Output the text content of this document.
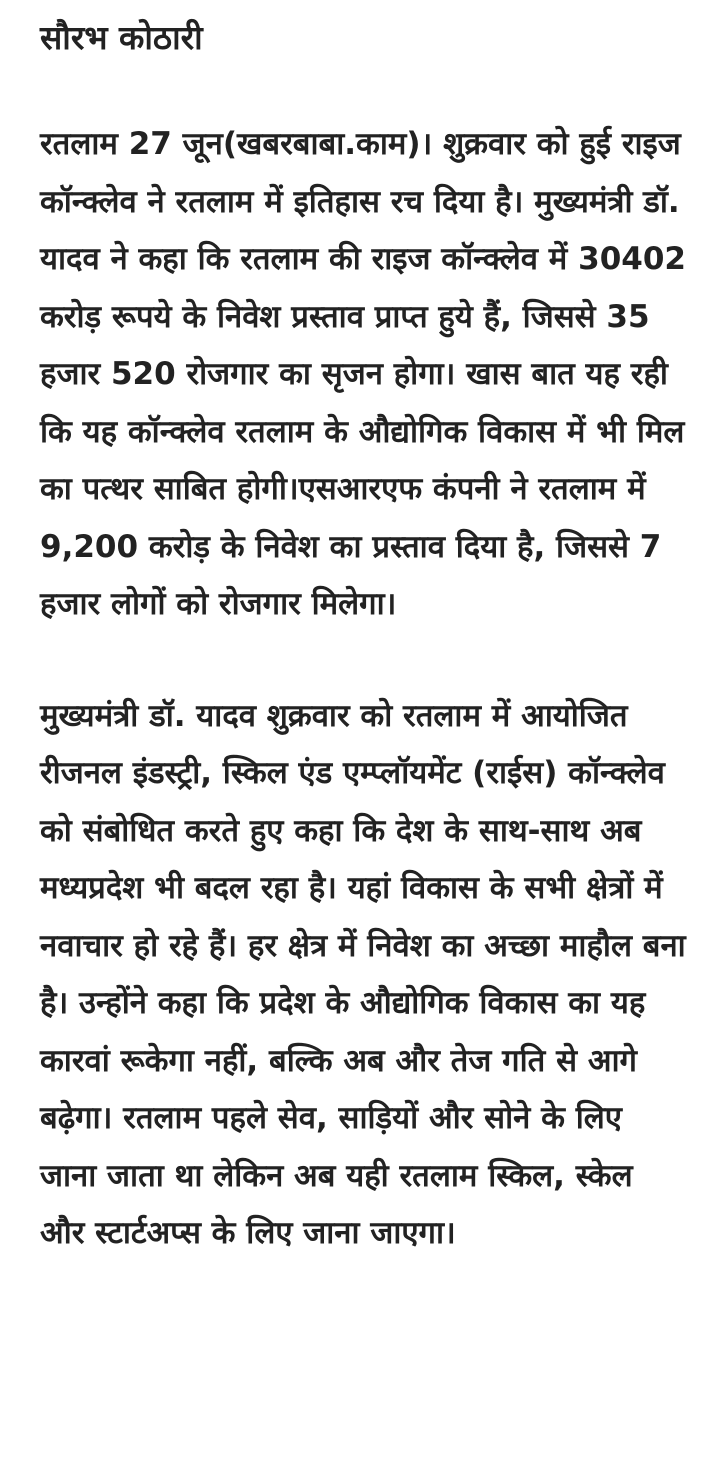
सौरभ कोठारी

रतलाम 27 जून(खबरबाबा.काम)। शुक्रवार को हुई राइज कॉन्क्लेव ने रतलाम में इतिहास रच दिया है। मुख्यमंत्री डॉ. यादव ने कहा कि रतलाम की राइज कॉन्क्लेव में 30402 करोड़ रूपये के निवेश प्रस्ताव प्राप्त हुये हैं, जिससे 35 हजार 520 रोजगार का सृजन होगा। खास बात यह रही कि यह कॉन्क्लेव रतलाम के औद्योगिक विकास में भी मिल का पत्थर साबित होगी।एसआरएफ कंपनी ने रतलाम में 9,200 करोड़ के निवेश का प्रस्ताव दिया है, जिससे 7 हजार लोगों को रोजगार मिलेगा।

मुख्यमंत्री डॉ. यादव शुक्रवार को रतलाम में आयोजित रीजनल इंडस्ट्री, स्किल एंड एम्प्लॉयमेंट (राईस) कॉन्क्लेव को संबोधित करते हुए कहा कि देश के साथ-साथ अब मध्यप्रदेश भी बदल रहा है। यहां विकास के सभी क्षेत्रों में नवाचार हो रहे हैं। हर क्षेत्र में निवेश का अच्छा माहौल बना है। उन्होंने कहा कि प्रदेश के औद्योगिक विकास का यह कारवां रूकेगा नहीं, बल्कि अब और तेज गति से आगे बढ़ेगा। रतलाम पहले सेव, साड़ियों और सोने के लिए जाना जाता था लेकिन अब यही रतलाम स्किल, स्केल और स्टार्टअप्स के लिए जाना जाएगा।
